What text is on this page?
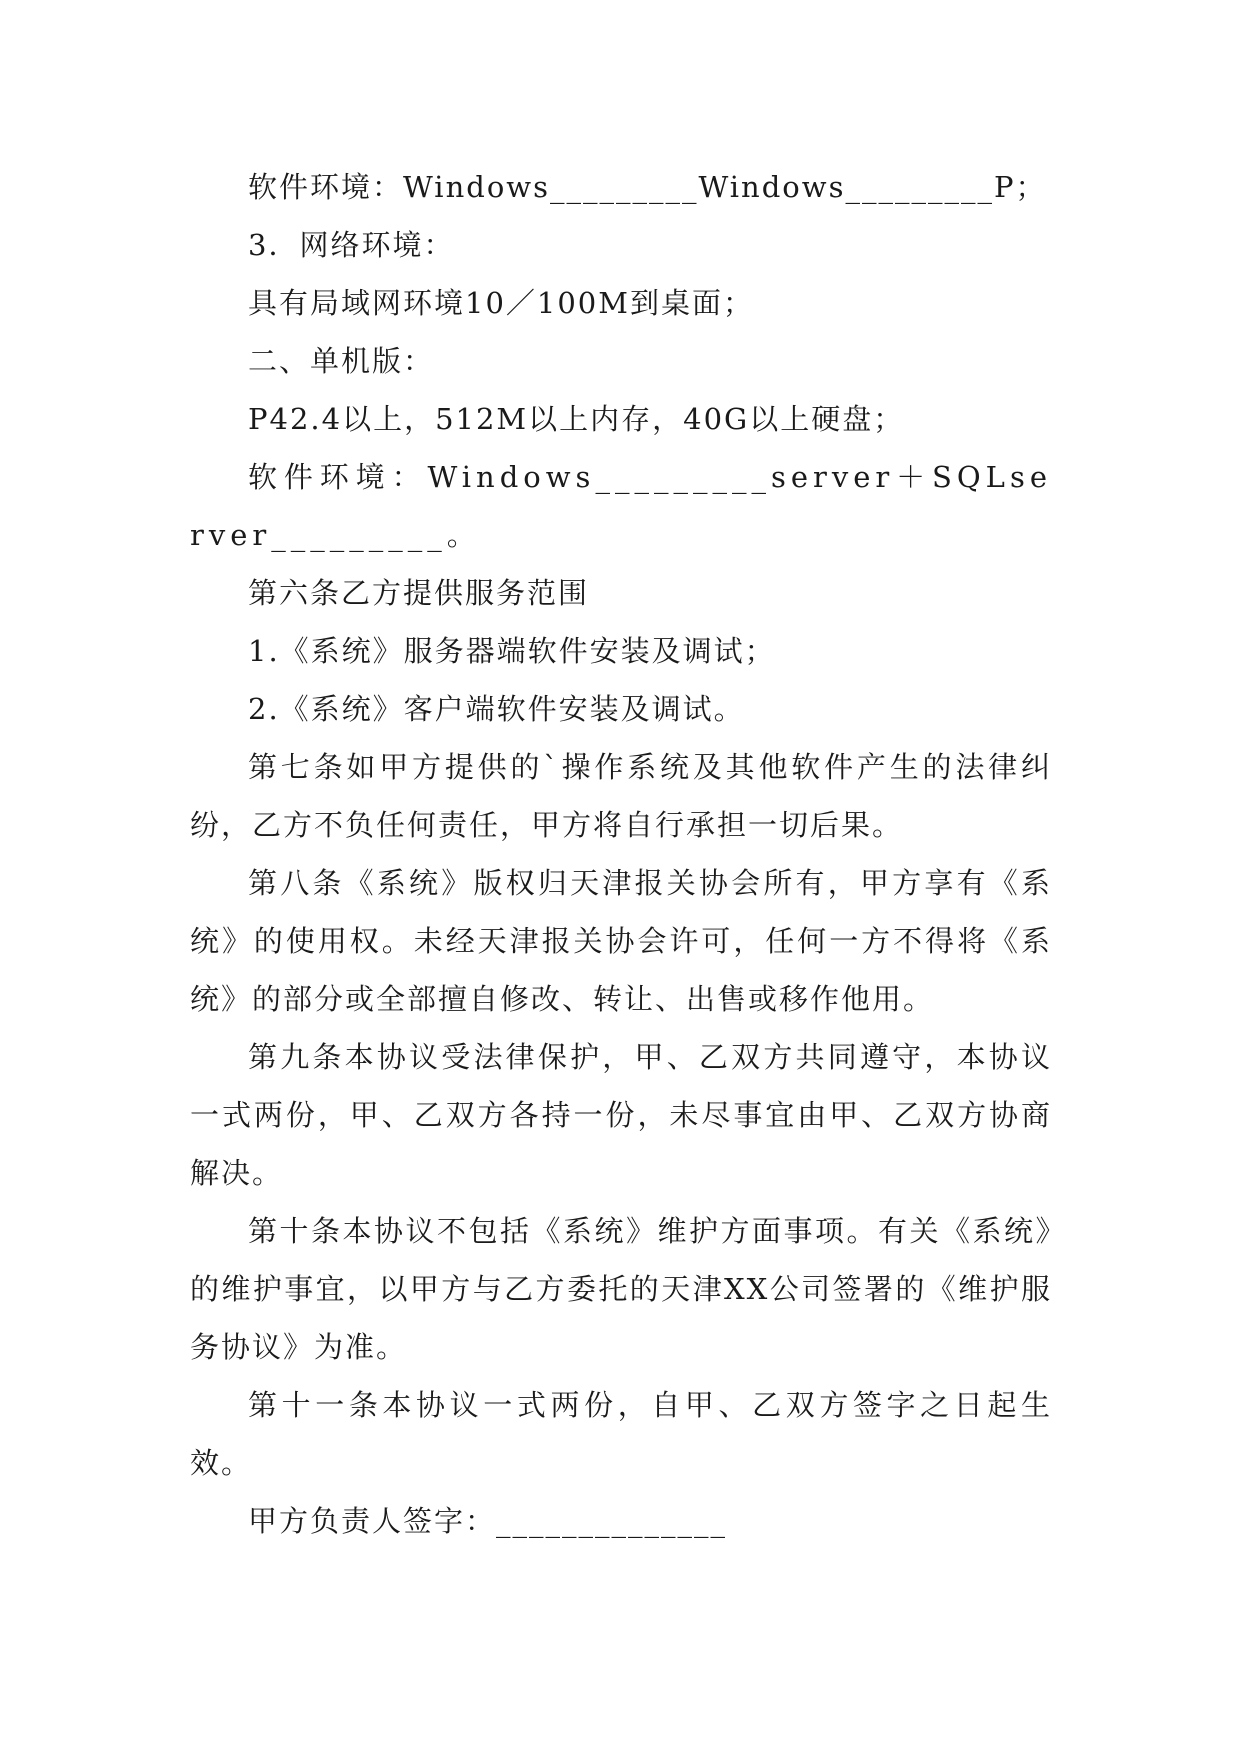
软件环境：Windows_________Windows_________P；

3．网络环境：

具有局域网环境10／100M到桌面；

二、单机版：

P42.4以上，512M以上内存，40G以上硬盘；

软件环境：Windows_________server＋SQLserver_________。

第六条乙方提供服务范围

1.《系统》服务器端软件安装及调试；

2.《系统》客户端软件安装及调试。

第七条如甲方提供的`操作系统及其他软件产生的法律纠纷，乙方不负任何责任，甲方将自行承担一切后果。

第八条《系统》版权归天津报关协会所有，甲方享有《系统》的使用权。未经天津报关协会许可，任何一方不得将《系统》的部分或全部擅自修改、转让、出售或移作他用。

第九条本协议受法律保护，甲、乙双方共同遵守，本协议一式两份，甲、乙双方各持一份，未尽事宜由甲、乙双方协商解决。

第十条本协议不包括《系统》维护方面事项。有关《系统》的维护事宜，以甲方与乙方委托的天津XX公司签署的《维护服务协议》为准。

第十一条本协议一式两份，自甲、乙双方签字之日起生效。

甲方负责人签字：______________
